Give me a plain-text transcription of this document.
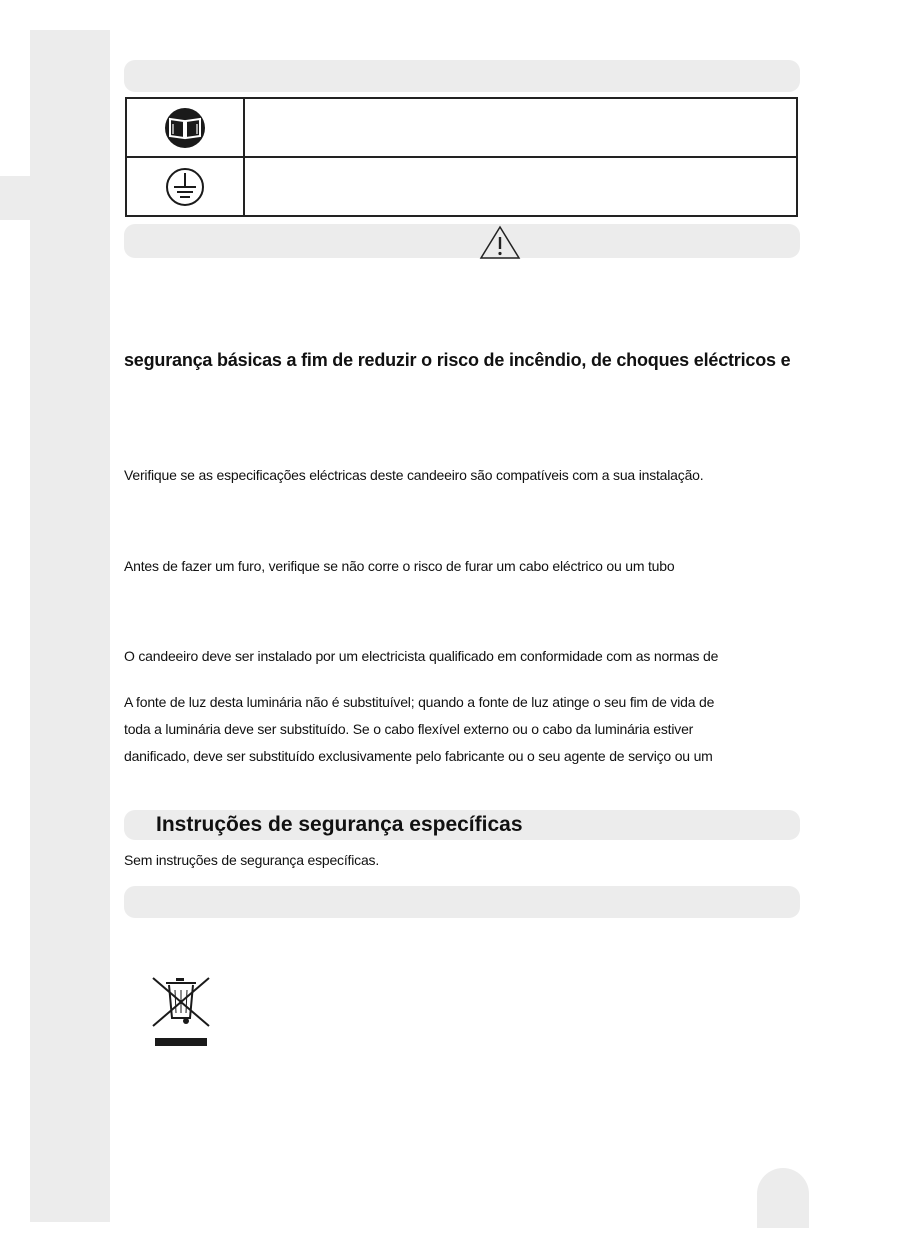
segurança básicas a fim de reduzir o risco de incêndio, de choques eléctricos e

Verifique se as especificações eléctricas deste candeeiro são compatíveis com a sua instalação.

Antes de fazer um furo, verifique se não corre o risco de furar um cabo eléctrico ou um tubo

O candeeiro deve ser instalado por um electricista qualificado em conformidade com as normas de

A fonte de luz desta luminária não é substituível; quando a fonte de luz atinge o seu fim de vida de

toda a luminária deve ser substituído. Se o cabo flexível externo ou o cabo da luminária estiver

danificado, deve ser substituído exclusivamente pelo fabricante ou o seu agente de serviço ou um

Instruções de segurança específicas

Sem instruções de segurança específicas.
